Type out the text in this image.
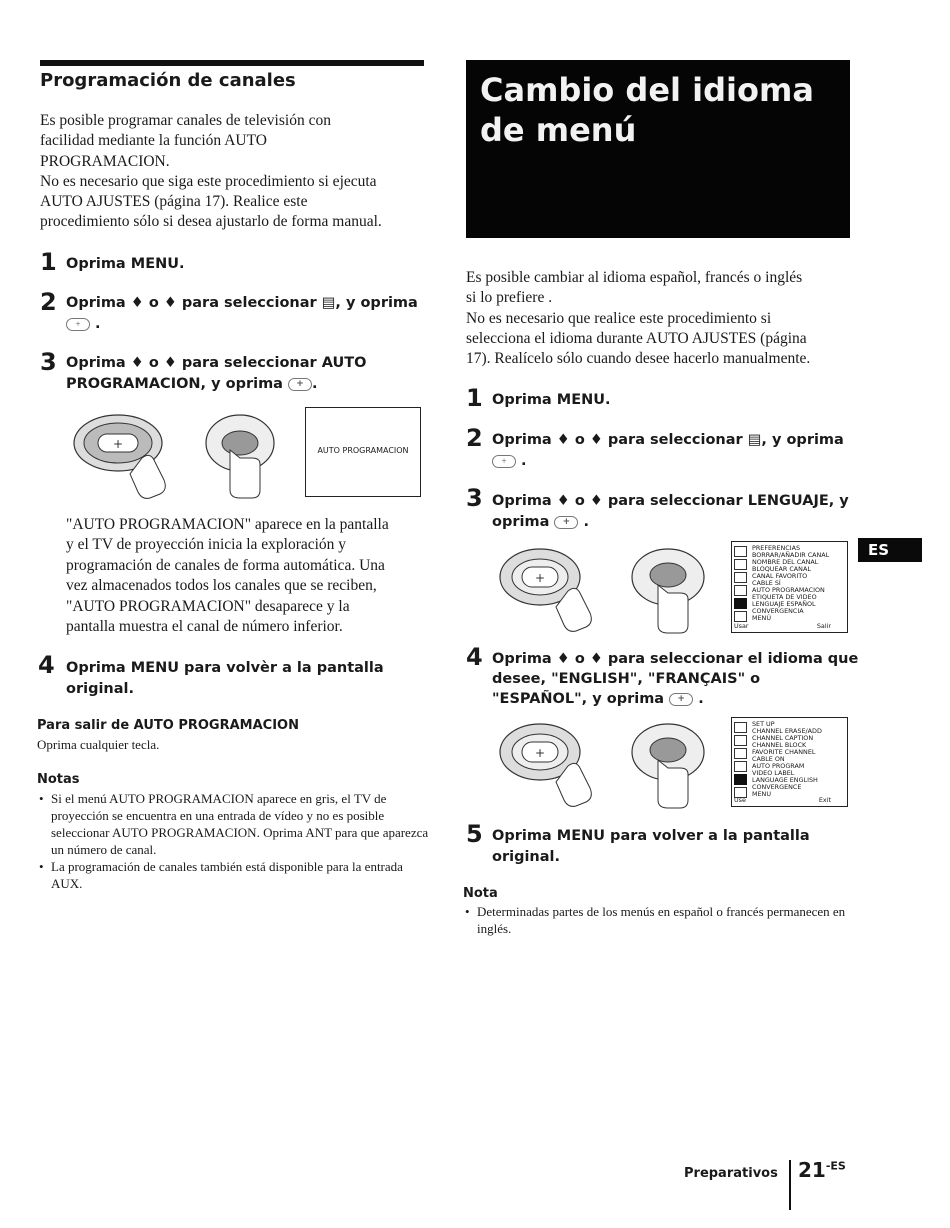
Programación de canales
Es posible programar canales de televisión con
facilidad mediante la función AUTO
PROGRAMACION.
No es necesario que siga este procedimiento si ejecuta
AUTO AJUSTES (página 17). Realice este
procedimiento sólo si desea ajustarlo de forma manual.
1 Oprima MENU.
2 Oprima ♦ o ♦ para seleccionar ▤, y oprima
+ .
3 Oprima ♦ o ♦ para seleccionar AUTO
PROGRAMACION, y oprima + .
+	AUTO PROGRAMACION
"AUTO PROGRAMACION" aparece en la pantalla
y el TV de proyección inicia la exploración y
programación de canales de forma automática. Una
vez almacenados todos los canales que se reciben,
"AUTO PROGRAMACION" desaparece y la
pantalla muestra el canal de número inferior.
4 Oprima MENU para volvèr a la pantalla
original.
Para salir de AUTO PROGRAMACION
Oprima cualquier tecla.
Notas
• Si el menú AUTO PROGRAMACION aparece en gris, el TV de proyección se encuentra en una entrada de vídeo y no es posible seleccionar AUTO PROGRAMACION. Oprima ANT para que aparezca un número de canal.
• La programación de canales también está disponible para la entrada AUX.
Cambio del idioma
de menú
Es posible cambiar al idioma español, francés o inglés
si lo prefiere .
No es necesario que realice este procedimiento si
selecciona el idioma durante AUTO AJUSTES (página
17). Realícelo sólo cuando desee hacerlo manualmente.
1 Oprima MENU.
2 Oprima ♦ o ♦ para seleccionar ▤, y oprima
+ .
3 Oprima ♦ o ♦ para seleccionar LENGUAJE, y
oprima + .
+
PREFERENCIAS
BORRAR/AÑADIR CANAL
NOMBRE DEL CANAL
BLOQUEAR CANAL
CANAL FAVORITO
CABLE SÍ
AUTO PROGRAMACION
ETIQUETA DE VIDEO
LENGUAJE ESPAÑOL
CONVERGENCIA
MENÚ
Usar	Salir
ES
4 Oprima ♦ o ♦ para seleccionar el idioma que
desee, "ENGLISH", "FRANÇAIS" o
"ESPAÑOL", y oprima + .
+
SET UP
CHANNEL ERASE/ADD
CHANNEL CAPTION
CHANNEL BLOCK
FAVORITE CHANNEL
CABLE ON
AUTO PROGRAM
VIDEO LABEL
LANGUAGE ENGLISH
CONVERGENCE
MENU
Use	Exit
5 Oprima MENU para volver a la pantalla
original.
Nota
• Determinadas partes de los menús en español o francés permanecen en inglés.
Preparativos $21^{-ES}$
